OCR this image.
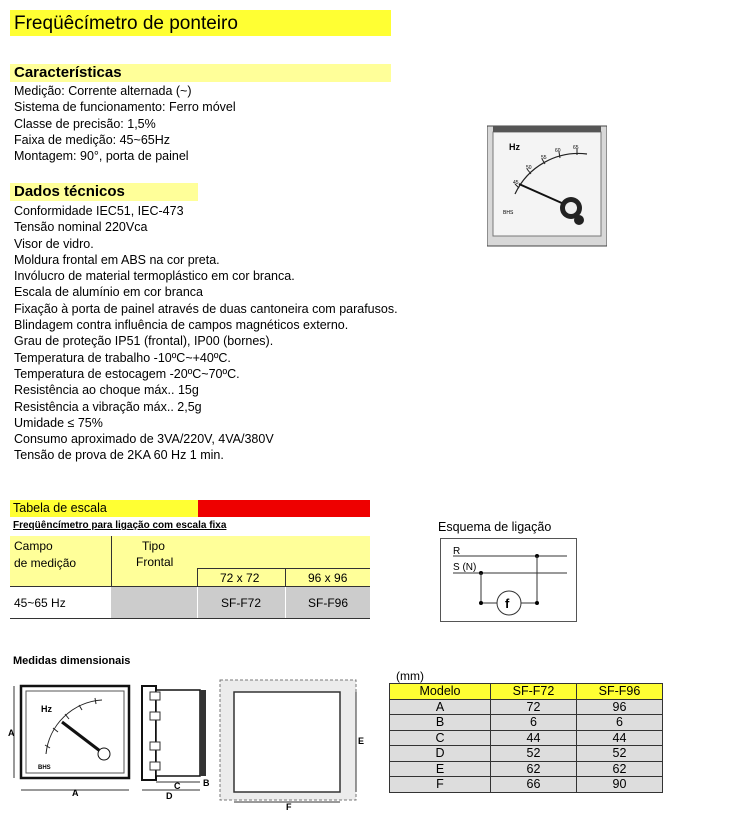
Freqüêcímetro de ponteiro
Características
Medição: Corrente alternada (~)
Sistema de funcionamento: Ferro móvel
Classe de precisão: 1,5%
Faixa de medição: 45~65Hz
Montagem: 90°, porta de painel
Dados técnicos
Conformidade IEC51, IEC-473
Tensão nominal 220Vca
Visor de vidro.
Moldura frontal em ABS na cor preta.
Invólucro de material termoplástico em cor branca.
Escala de alumínio em cor branca
Fixação à porta de painel através de duas cantoneira com parafusos.
Blindagem contra influência de campos magnéticos externo.
Grau de proteção IP51 (frontal), IP00 (bornes).
Temperatura de trabalho -10ºC~+40ºC.
Temperatura de estocagem -20ºC~70ºC.
Resistência ao choque máx.. 15g
Resistência a vibração máx.. 2,5g
Umidade ≤ 75%
Consumo aproximado de 3VA/220V, 4VA/380V
Tensão de prova de 2KA 60 Hz 1 min.
Hz
45
50
55
60 65
BHS
Tabela de escala
Freqüêncímetro para ligação com escala fixa
Campo
de medição
Tipo
Frontal
72 x 72	96 x 96
45~65 Hz	SF-F72	SF-F96
Esquema de ligação
R
S (N)
f
Medidas dimensionais
Hz
BHS
A
A
C
D
B
E
F
(mm)
Modelo	SF-F72	SF-F96
A	72	96
B	6	6
C	44	44
D	52	52
E	62	62
F	66	90
